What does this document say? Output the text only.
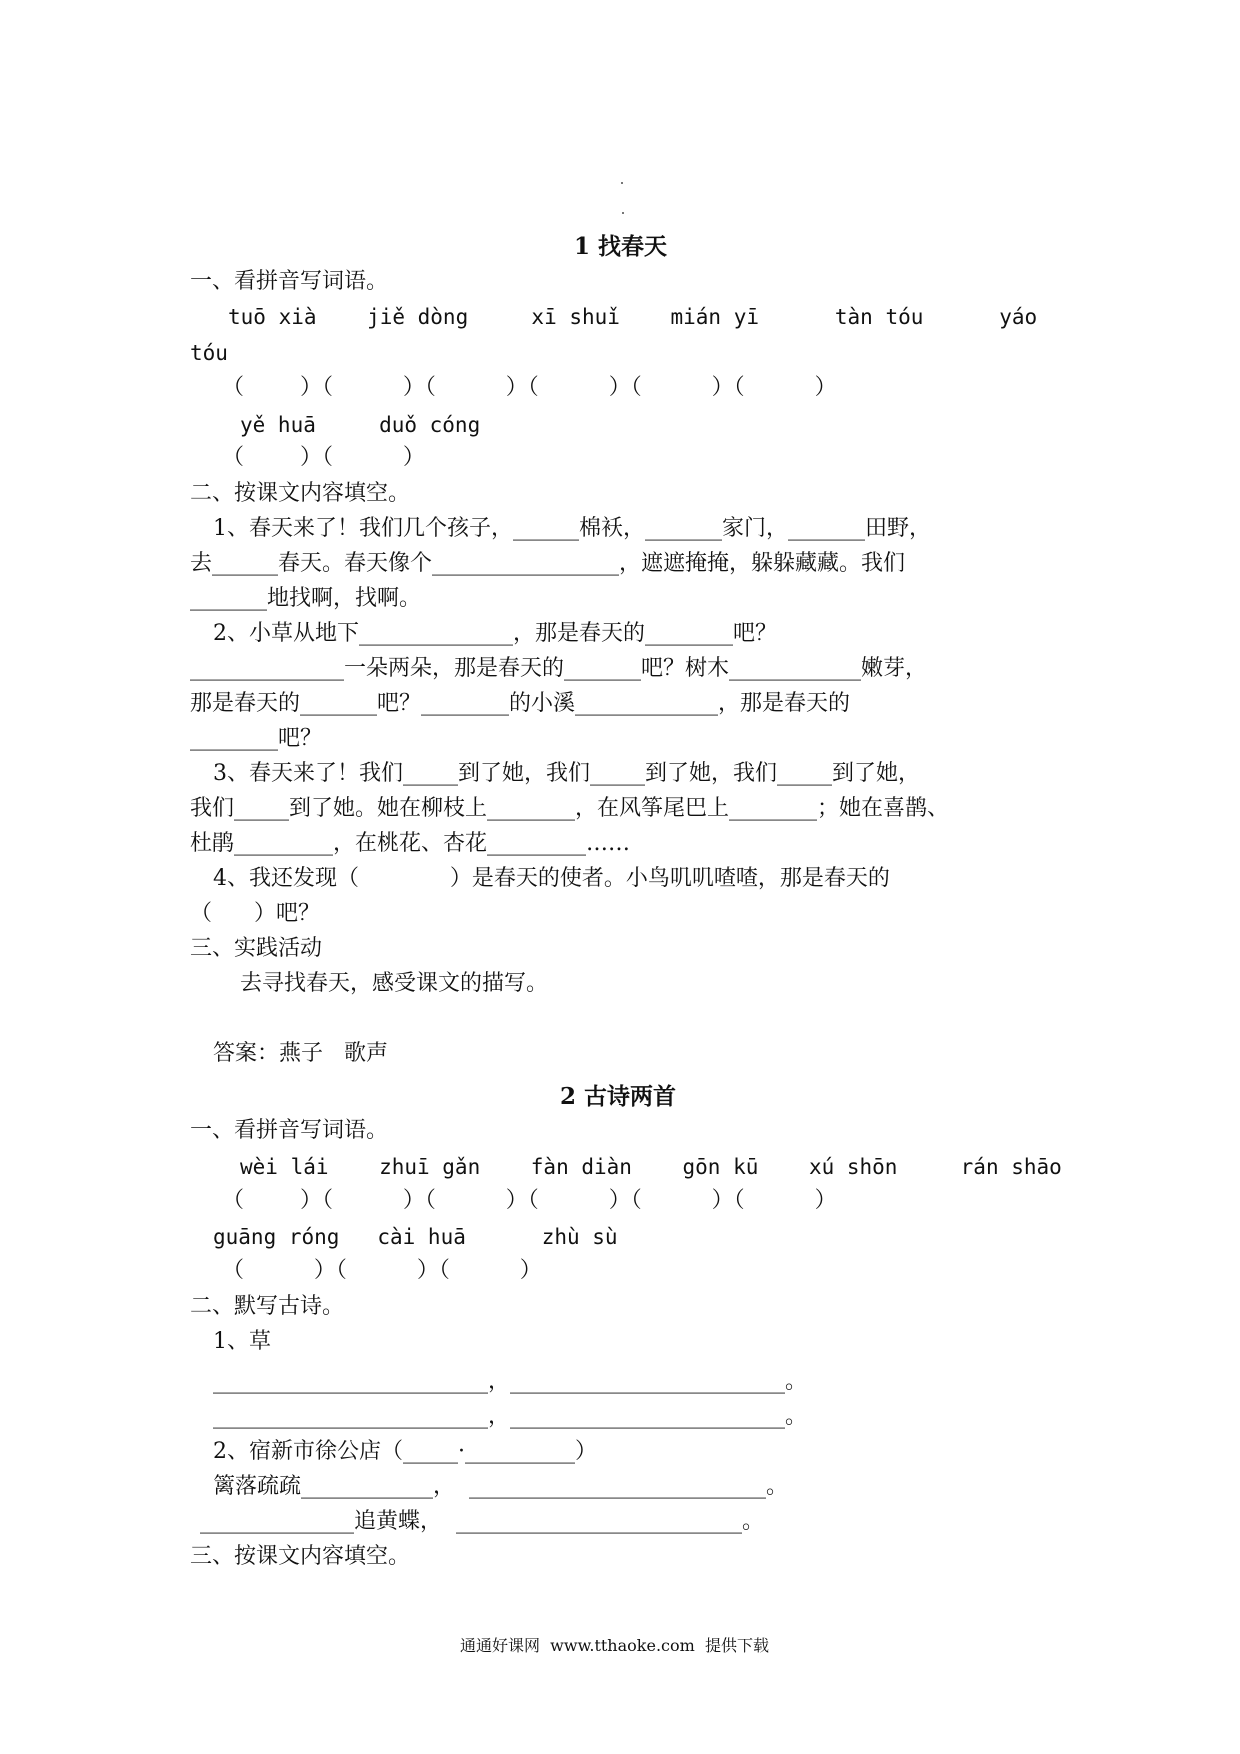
1 找春天
一、看拼音写词语。
tuō xià    jiě dòng     xī shuǐ    mián yī      tàn tóu      yáo
tóu
（        ）（          ）（          ）（          ）（          ）（          ）
yě huā     duǒ cóng
（        ）（          ）
二、按课文内容填空。
1、春天来了！我们几个孩子，______棉袄，_______家门，_______田野，
去______春天。春天像个_________________，遮遮掩掩，躲躲藏藏。我们
_______地找啊，找啊。
2、小草从地下______________，那是春天的________吧？
______________一朵两朵，那是春天的_______吧？树木____________嫩芽，
那是春天的_______吧？________的小溪_____________，那是春天的
________吧？
3、春天来了！我们_____到了她，我们_____到了她，我们_____到了她，
我们_____到了她。她在柳枝上________，在风筝尾巴上________；她在喜鹊、
杜鹃_________，在桃花、杏花_________……
4、我还发现（             ）是春天的使者。小鸟叽叽喳喳，那是春天的
（      ）吧？
三、实践活动
去寻找春天，感受课文的描写。
答案：燕子   歌声
2 古诗两首
一、看拼音写词语。
wèi lái    zhuī gǎn    fàn diàn    gōn kū    xú shōn     rán shāo
（        ）（          ）（          ）（          ）（          ）（          ）
guāng róng   cài huā      zhù sù
（          ）（          ）（          ）
二、默写古诗。
1、草
_________________________，_________________________。
_________________________，_________________________。
2、宿新市徐公店（_____·__________）
篱落疏疏____________，  ___________________________。
______________追黄蝶，  __________________________。
三、按课文内容填空。
通通好课网  www.tthaoke.com  提供下载
